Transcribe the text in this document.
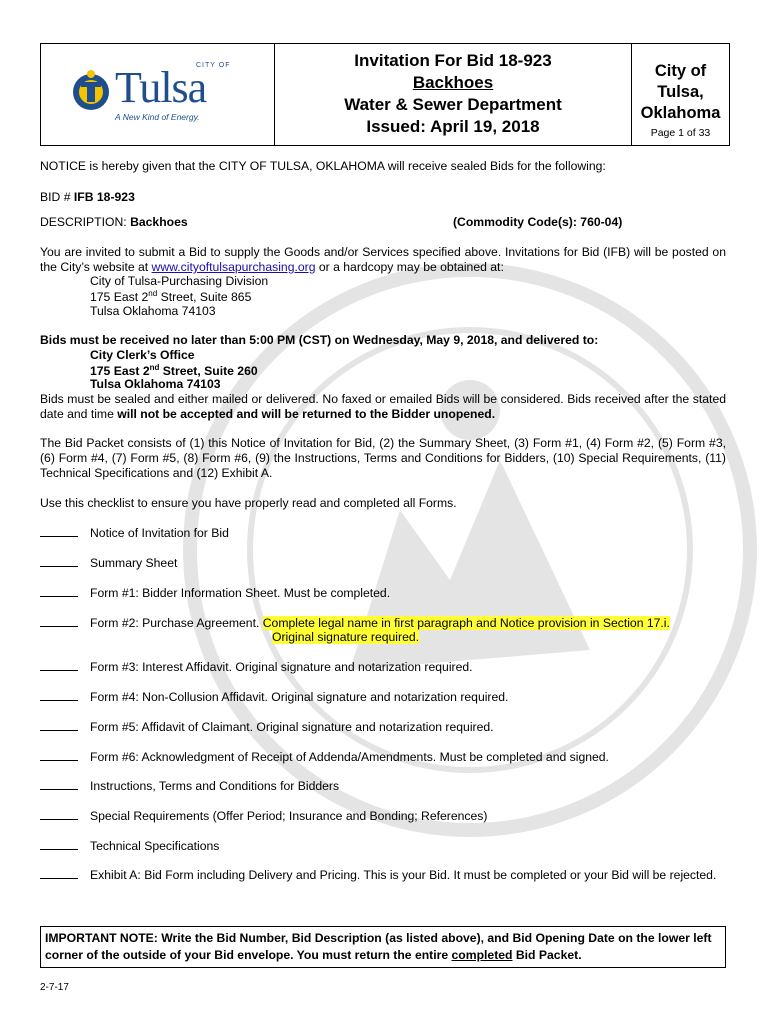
CITY OF
Tulsa
A New Kind of Energy.
Invitation For Bid 18-923
Backhoes
Water & Sewer Department
Issued: April 19, 2018
City of Tulsa,
Oklahoma
Page 1 of 33
NOTICE is hereby given that the CITY OF TULSA, OKLAHOMA will receive sealed Bids for the following:
BID # IFB 18-923
DESCRIPTION: Backhoes	(Commodity Code(s): 760-04)
You are invited to submit a Bid to supply the Goods and/or Services specified above. Invitations for Bid (IFB) will be posted on the City’s website at www.cityoftulsapurchasing.org or a hardcopy may be obtained at:
City of Tulsa-Purchasing Division
175 East 2nd Street, Suite 865
Tulsa Oklahoma 74103
Bids must be received no later than 5:00 PM (CST) on Wednesday, May 9, 2018, and delivered to:
City Clerk’s Office
175 East 2nd Street, Suite 260
Tulsa Oklahoma 74103
Bids must be sealed and either mailed or delivered. No faxed or emailed Bids will be considered. Bids received after the stated date and time will not be accepted and will be returned to the Bidder unopened.
The Bid Packet consists of (1) this Notice of Invitation for Bid, (2) the Summary Sheet, (3) Form #1, (4) Form #2, (5) Form #3, (6) Form #4, (7) Form #5, (8) Form #6, (9) the Instructions, Terms and Conditions for Bidders, (10) Special Requirements, (11) Technical Specifications and (12) Exhibit A.
Use this checklist to ensure you have properly read and completed all Forms.
Notice of Invitation for Bid
Summary Sheet
Form #1: Bidder Information Sheet. Must be completed.
Form #2: Purchase Agreement. Complete legal name in first paragraph and Notice provision in Section 17.i.
Original signature required.
Form #3: Interest Affidavit. Original signature and notarization required.
Form #4: Non-Collusion Affidavit. Original signature and notarization required.
Form #5: Affidavit of Claimant. Original signature and notarization required.
Form #6: Acknowledgment of Receipt of Addenda/Amendments. Must be completed and signed.
Instructions, Terms and Conditions for Bidders
Special Requirements (Offer Period; Insurance and Bonding; References)
Technical Specifications
Exhibit A: Bid Form including Delivery and Pricing. This is your Bid. It must be completed or your Bid will be rejected.
IMPORTANT NOTE: Write the Bid Number, Bid Description (as listed above), and Bid Opening Date on the lower left corner of the outside of your Bid envelope. You must return the entire completed Bid Packet.
2-7-17
